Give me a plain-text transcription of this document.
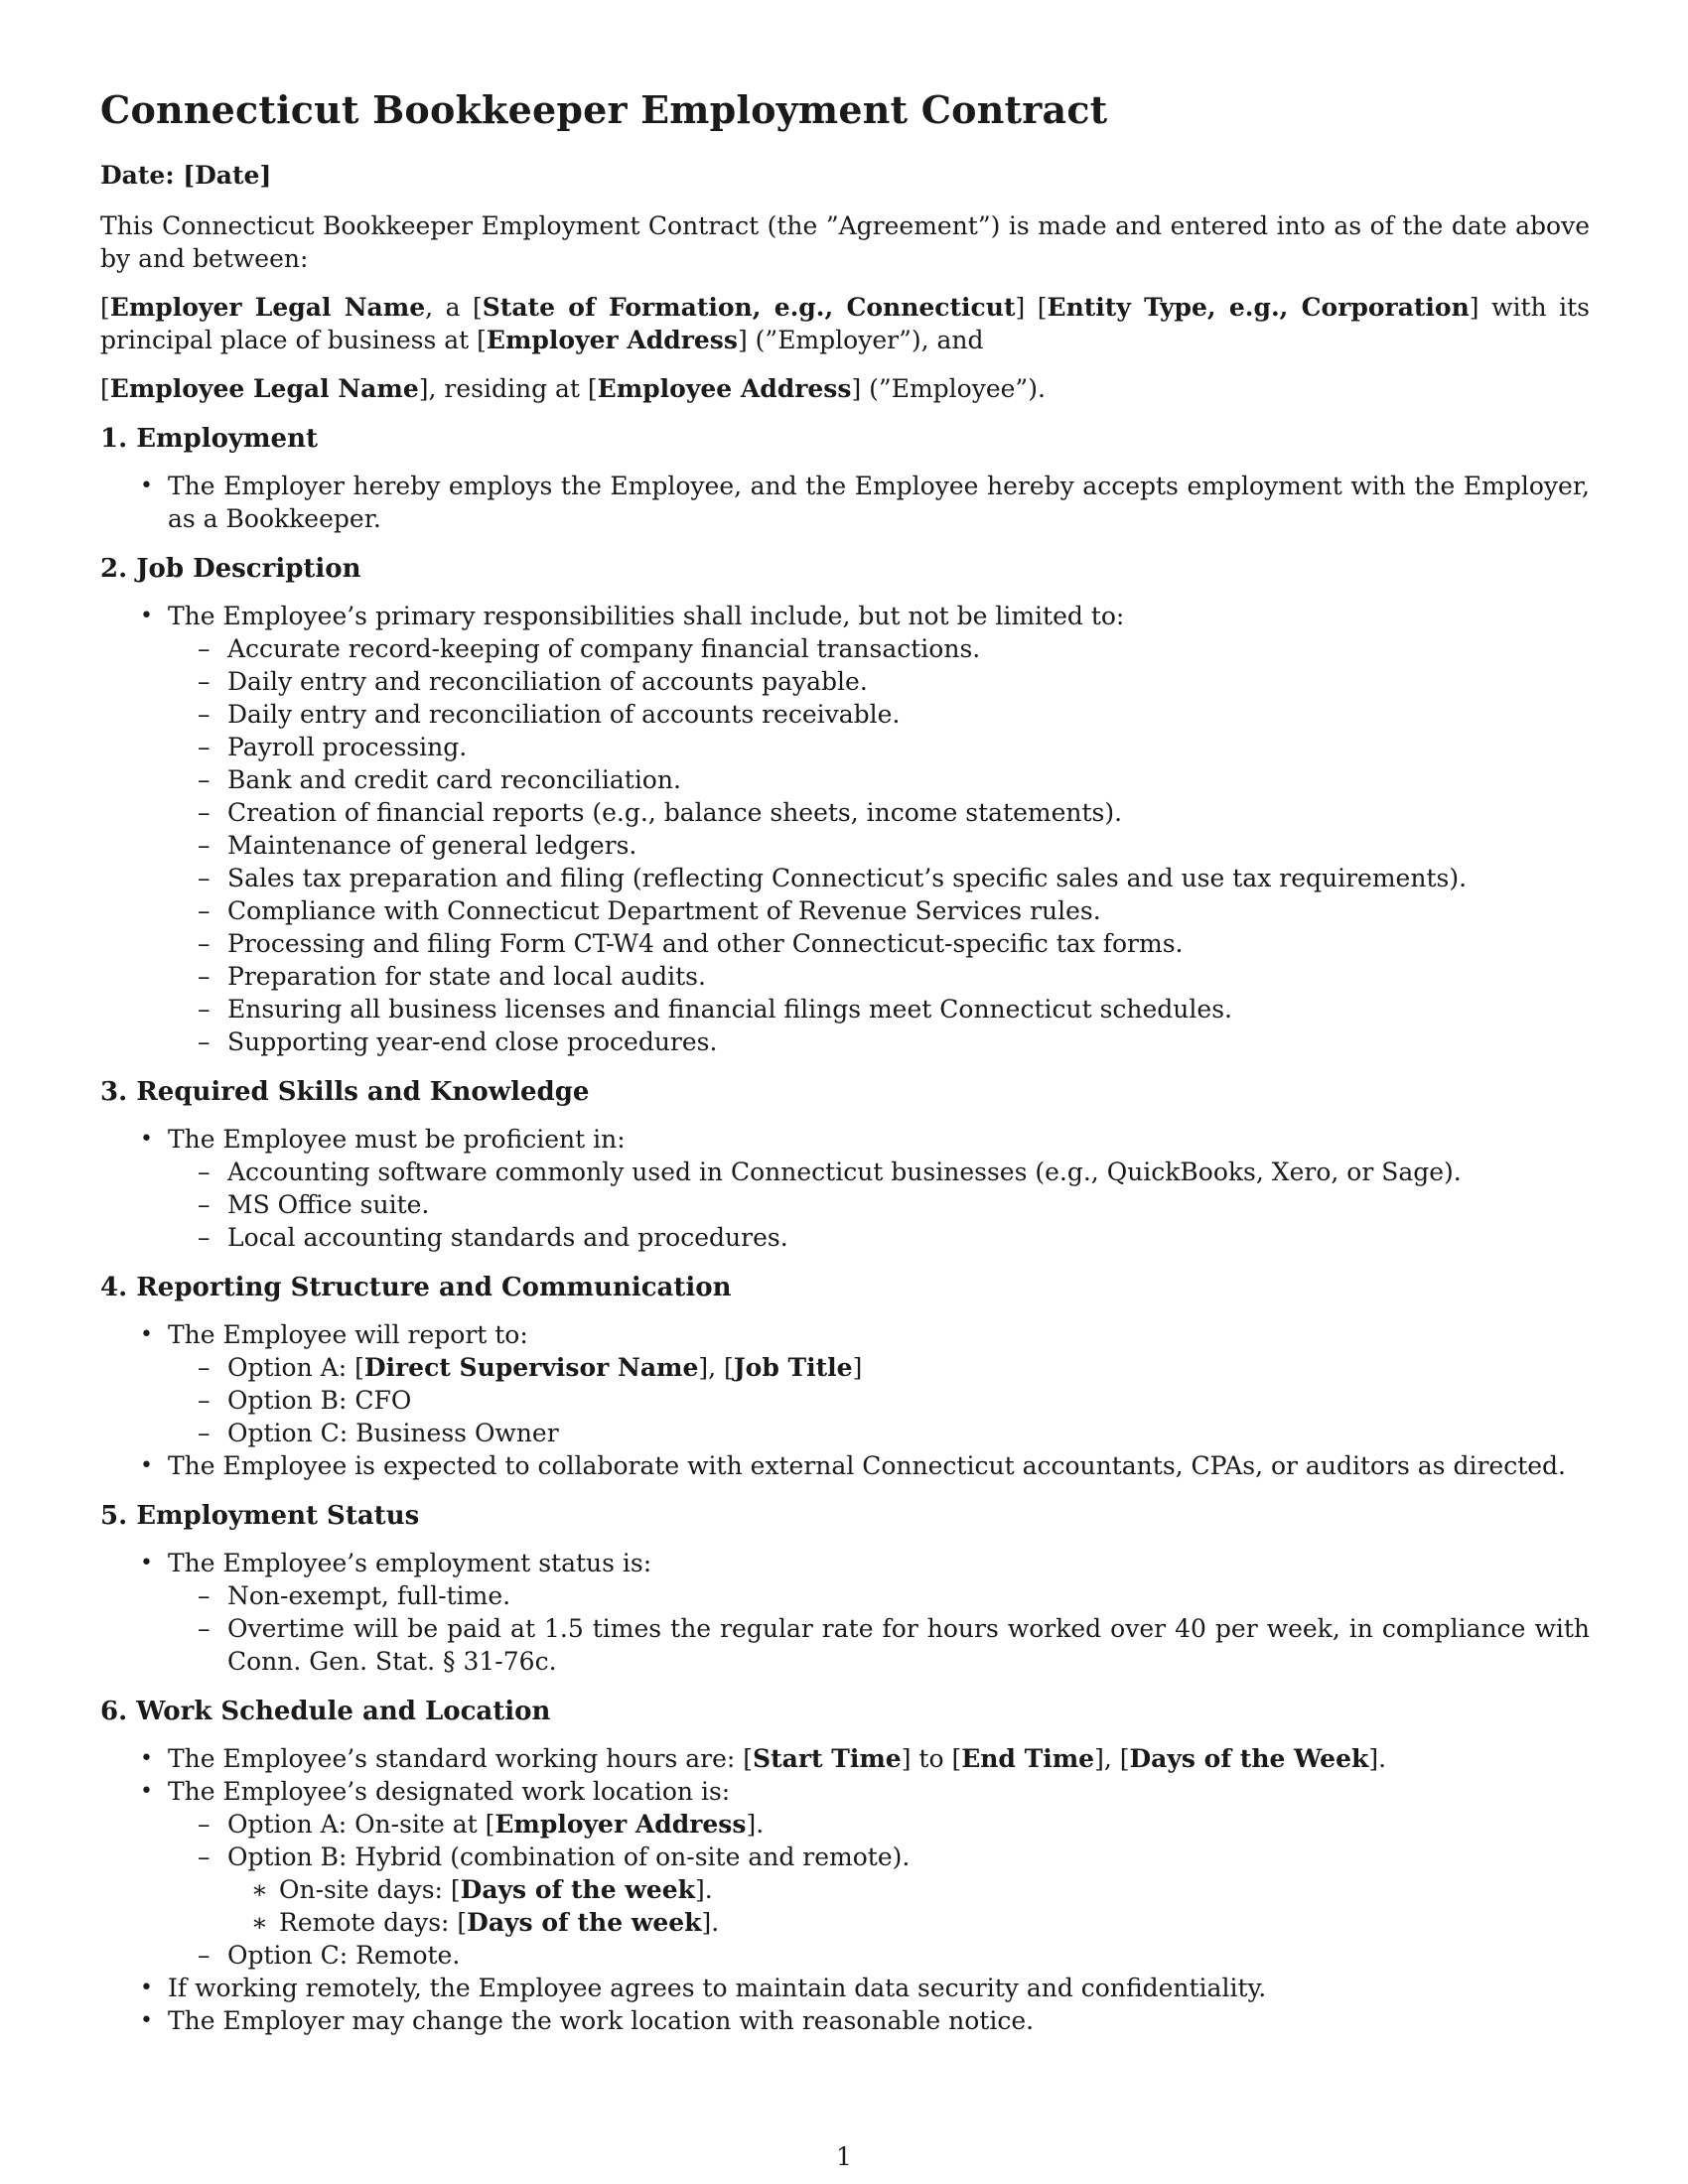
Connecticut Bookkeeper Employment Contract

Date: [Date]

This Connecticut Bookkeeper Employment Contract (the ”Agreement”) is made and entered into as of the date above by and between:

[Employer Legal Name, a [State of Formation, e.g., Connecticut] [Entity Type, e.g., Corporation] with its principal place of business at [Employer Address] (”Employer”), and

[Employee Legal Name], residing at [Employee Address] (”Employee”).

1. Employment
• The Employer hereby employs the Employee, and the Employee hereby accepts employment with the Employer, as a Bookkeeper.
2. Job Description
• The Employee’s primary responsibilities shall include, but not be limited to:
– Accurate record-keeping of company financial transactions.
– Daily entry and reconciliation of accounts payable.
– Daily entry and reconciliation of accounts receivable.
– Payroll processing.
– Bank and credit card reconciliation.
– Creation of financial reports (e.g., balance sheets, income statements).
– Maintenance of general ledgers.
– Sales tax preparation and filing (reflecting Connecticut’s specific sales and use tax requirements).
– Compliance with Connecticut Department of Revenue Services rules.
– Processing and filing Form CT-W4 and other Connecticut-specific tax forms.
– Preparation for state and local audits.
– Ensuring all business licenses and financial filings meet Connecticut schedules.
– Supporting year-end close procedures.
3. Required Skills and Knowledge
• The Employee must be proficient in:
– Accounting software commonly used in Connecticut businesses (e.g., QuickBooks, Xero, or Sage).
– MS Office suite.
– Local accounting standards and procedures.
4. Reporting Structure and Communication
• The Employee will report to:
– Option A: [Direct Supervisor Name], [Job Title]
– Option B: CFO
– Option C: Business Owner
• The Employee is expected to collaborate with external Connecticut accountants, CPAs, or auditors as directed.
5. Employment Status
• The Employee’s employment status is:
– Non-exempt, full-time.
– Overtime will be paid at 1.5 times the regular rate for hours worked over 40 per week, in compliance with Conn. Gen. Stat. § 31-76c.
6. Work Schedule and Location
• The Employee’s standard working hours are: [Start Time] to [End Time], [Days of the Week].
• The Employee’s designated work location is:
– Option A: On-site at [Employer Address].
– Option B: Hybrid (combination of on-site and remote).
∗ On-site days: [Days of the week].
∗ Remote days: [Days of the week].
– Option C: Remote.
• If working remotely, the Employee agrees to maintain data security and confidentiality.
• The Employer may change the work location with reasonable notice.
1
